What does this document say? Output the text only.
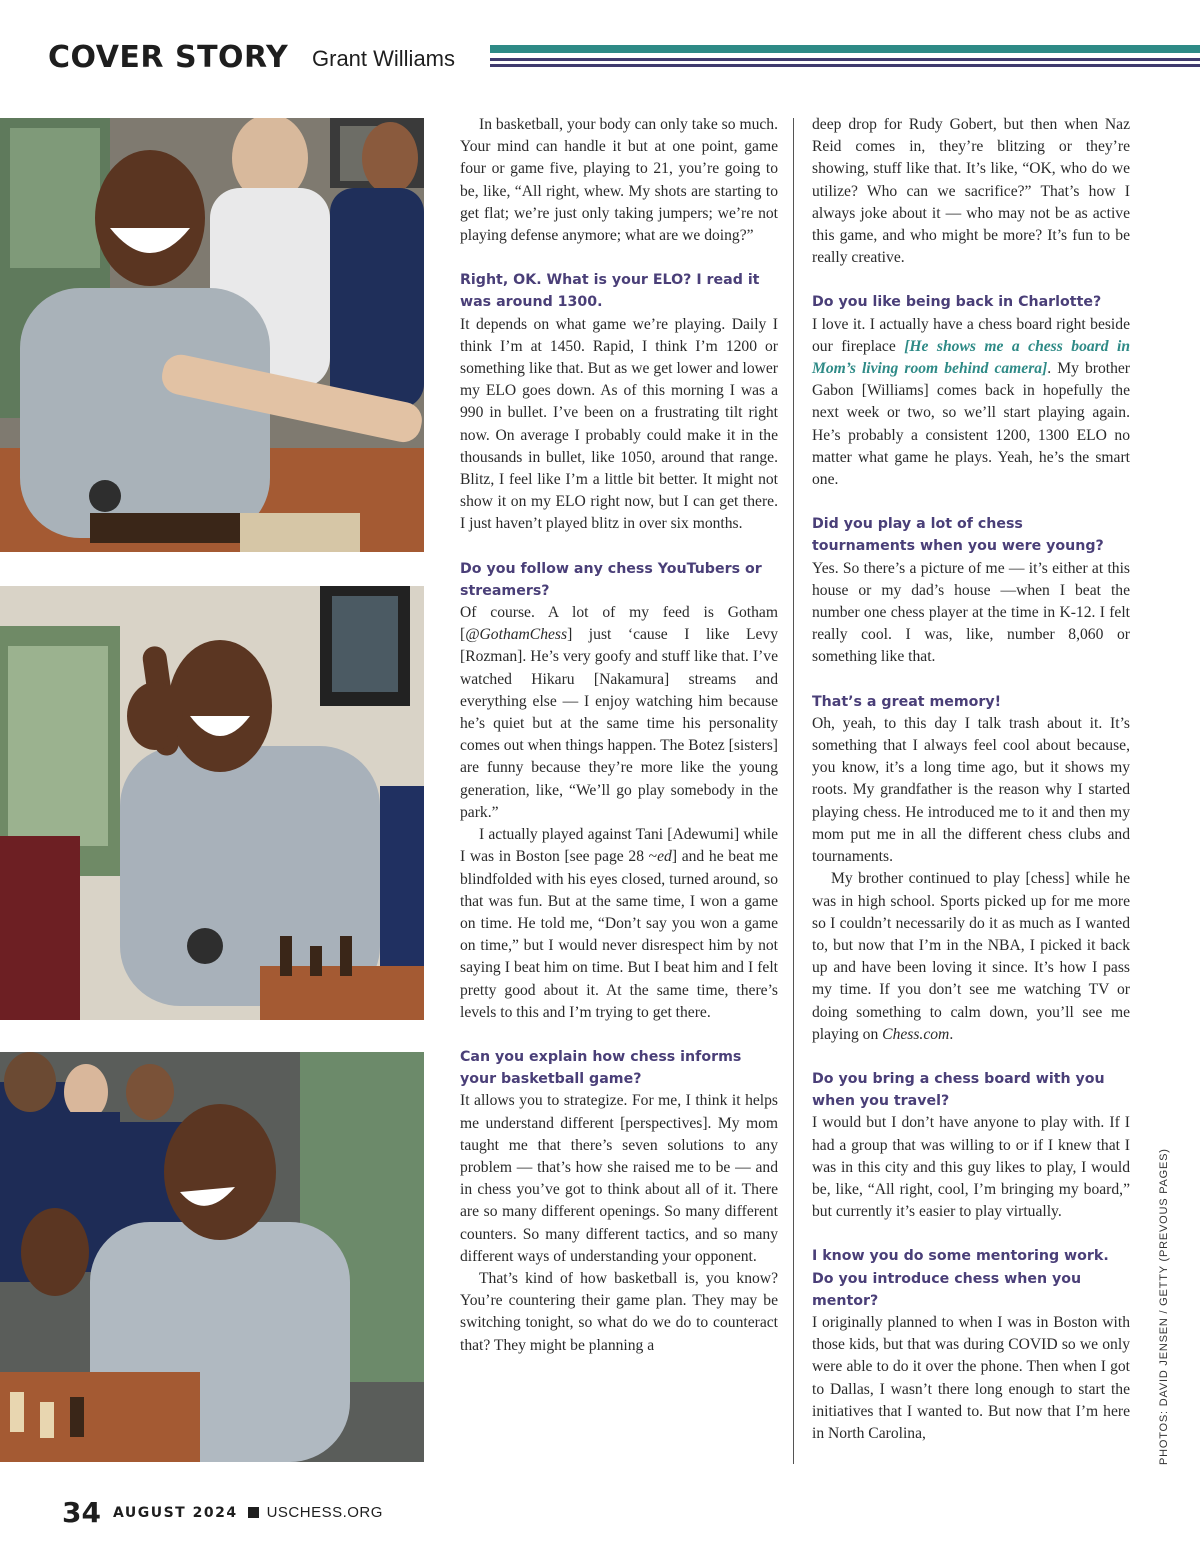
COVER STORY Grant Williams

In basketball, your body can only take so much. Your mind can handle it but at one point, game four or game five, playing to 21, you’re going to be, like, “All right, whew. My shots are starting to get flat; we’re just only taking jumpers; we’re not playing defense anymore; what are we doing?”

Right, OK. What is your ELO? I read it was around 1300.

It depends on what game we’re playing. Daily I think I’m at 1450. Rapid, I think I’m 1200 or something like that. But as we get lower and lower my ELO goes down. As of this morning I was a 990 in bullet. I’ve been on a frustrating tilt right now. On average I probably could make it in the thousands in bullet, like 1050, around that range. Blitz, I feel like I’m a little bit better. It might not show it on my ELO right now, but I can get there. I just haven’t played blitz in over six months.

Do you follow any chess YouTubers or streamers?

Of course. A lot of my feed is Gotham [@GothamChess] just ‘cause I like Levy [Rozman]. He’s very goofy and stuff like that. I’ve watched Hikaru [Nakamura] streams and everything else — I enjoy watching him because he’s quiet but at the same time his personality comes out when things happen. The Botez [sisters] are funny because they’re more like the young generation, like, “We’ll go play somebody in the park.”

I actually played against Tani [Adewumi] while I was in Boston [see page 28 ~ed] and he beat me blindfolded with his eyes closed, turned around, so that was fun. But at the same time, I won a game on time. He told me, “Don’t say you won a game on time,” but I would never disrespect him by not saying I beat him on time. But I beat him and I felt pretty good about it. At the same time, there’s levels to this and I’m trying to get there.

Can you explain how chess informs your basketball game?

It allows you to strategize. For me, I think it helps me understand different [perspectives]. My mom taught me that there’s seven solutions to any problem — that’s how she raised me to be — and in chess you’ve got to think about all of it. There are so many different openings. So many different counters. So many different tactics, and so many different ways of understanding your opponent.

That’s kind of how basketball is, you know? You’re countering their game plan. They may be switching tonight, so what do we do to counteract that? They might be planning a

deep drop for Rudy Gobert, but then when Naz Reid comes in, they’re blitzing or they’re showing, stuff like that. It’s like, “OK, who do we utilize? Who can we sacrifice?” That’s how I always joke about it — who may not be as active this game, and who might be more? It’s fun to be really creative.

Do you like being back in Charlotte?

I love it. I actually have a chess board right beside our fireplace [He shows me a chess board in Mom’s living room behind camera]. My brother Gabon [Williams] comes back in hopefully the next week or two, so we’ll start playing again. He’s probably a consistent 1200, 1300 ELO no matter what game he plays. Yeah, he’s the smart one.

Did you play a lot of chess tournaments when you were young?

Yes. So there’s a picture of me — it’s either at this house or my dad’s house —when I beat the number one chess player at the time in K-12. I felt really cool. I was, like, number 8,060 or something like that.

That’s a great memory!

Oh, yeah, to this day I talk trash about it. It’s something that I always feel cool about because, you know, it’s a long time ago, but it shows my roots. My grandfather is the reason why I started playing chess. He introduced me to it and then my mom put me in all the different chess clubs and tournaments.

My brother continued to play [chess] while he was in high school. Sports picked up for me more so I couldn’t necessarily do it as much as I wanted to, but now that I’m in the NBA, I picked it back up and have been loving it since. It’s how I pass my time. If you don’t see me watching TV or doing something to calm down, you’ll see me playing on Chess.com.

Do you bring a chess board with you when you travel?

I would but I don’t have anyone to play with. If I had a group that was willing to or if I knew that I was in this city and this guy likes to play, I would be, like, “All right, cool, I’m bringing my board,” but currently it’s easier to play virtually.

I know you do some mentoring work. Do you introduce chess when you mentor?

I originally planned to when I was in Boston with those kids, but that was during COVID so we only were able to do it over the phone. Then when I got to Dallas, I wasn’t there long enough to start the initiatives that I wanted to. But now that I’m here in North Carolina,	PHOTOS: DAVID JENSEN / GETTY (PREVOUS PAGES)
34 AUGUST 2024 USCHESS.ORG
